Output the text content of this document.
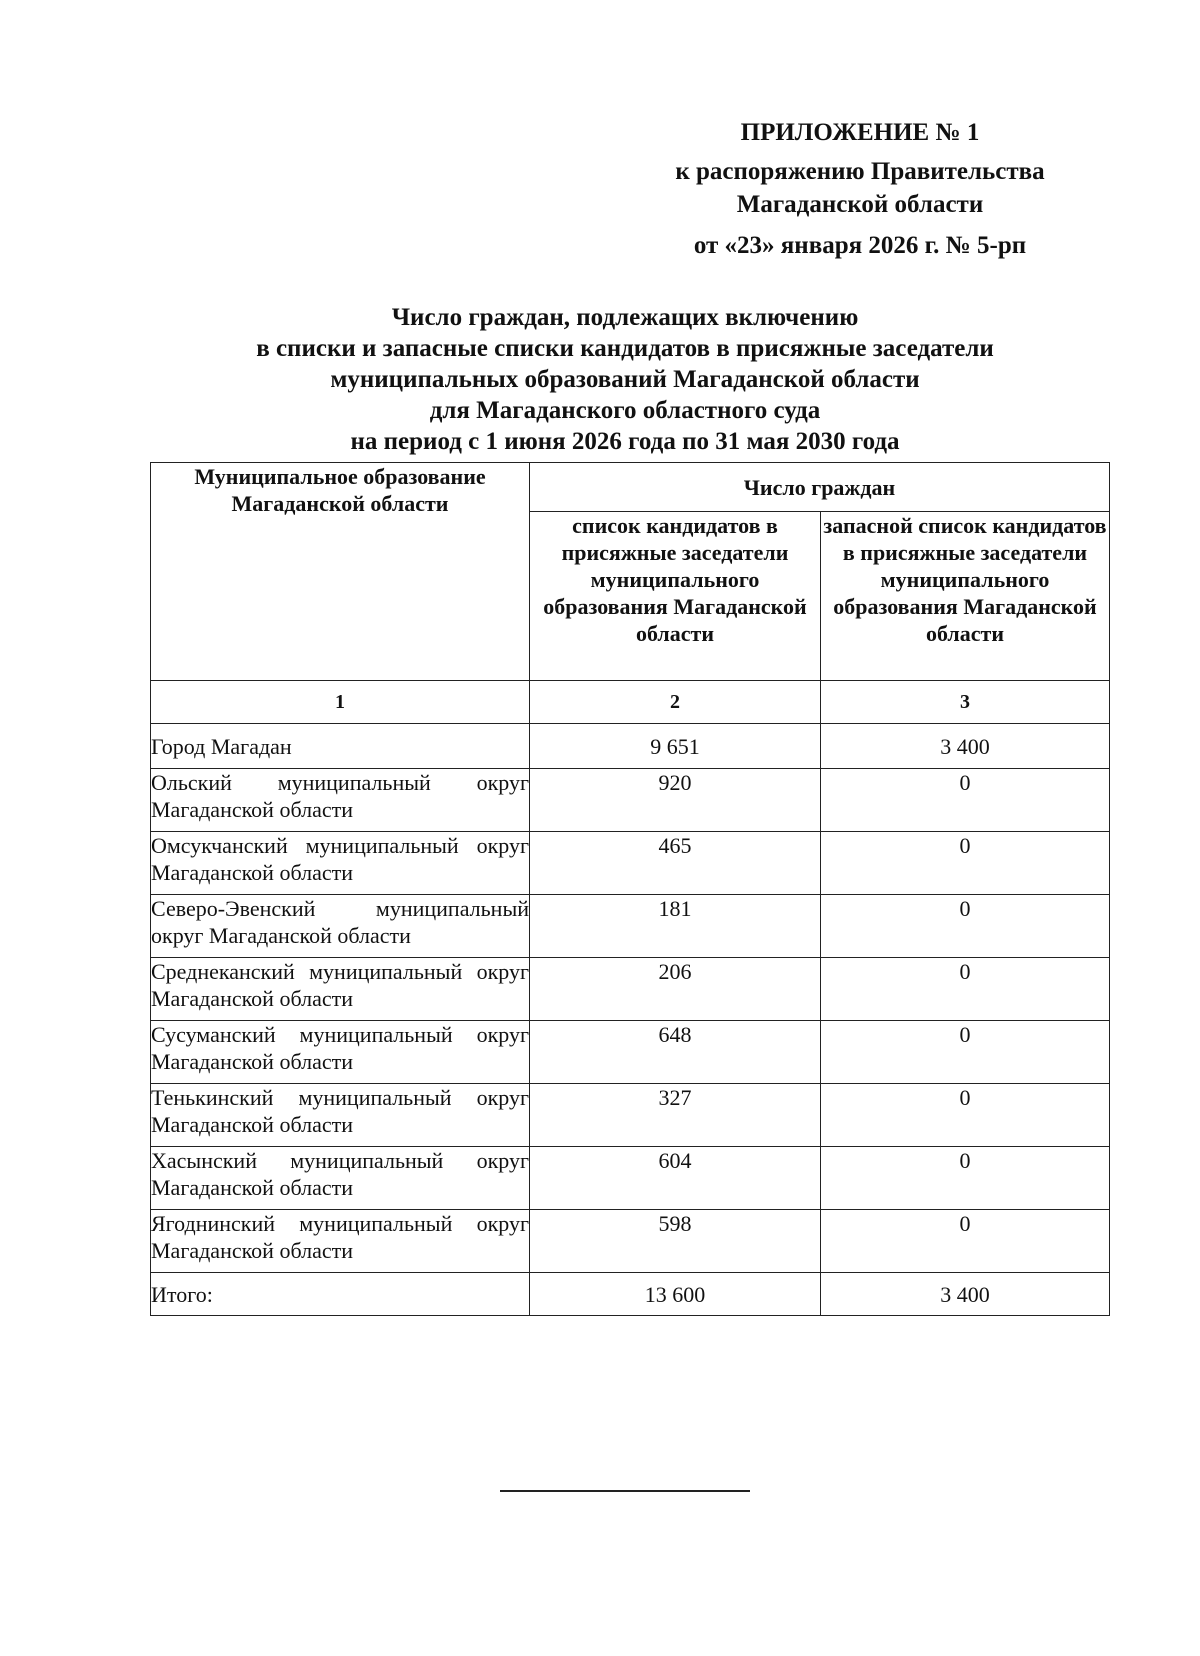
ПРИЛОЖЕНИЕ № 1
к распоряжению Правительства
Магаданской области
от «23» января 2026 г. № 5-рп
Число граждан, подлежащих включению
в списки и запасные списки кандидатов в присяжные заседатели
муниципальных образований Магаданской области
для Магаданского областного суда
на период с 1 июня 2026 года по 31 мая 2030 года
Муниципальное образование Магаданской области	Число граждан	
	список кандидатов в присяжные заседатели муниципального образования Магаданской области	запасной список кандидатов в присяжные заседатели муниципального образования Магаданской области
1	2	3
Город Магадан	9 651	3 400
Ольский муниципальный округ Магаданской области	920	0
Омсукчанский муниципальный округ Магаданской области	465	0
Северо-Эвенский муниципальный округ Магаданской области	181	0
Среднеканский муниципальный округ Магаданской области	206	0
Сусуманский муниципальный округ Магаданской области	648	0
Тенькинский муниципальный округ Магаданской области	327	0
Хасынский муниципальный округ Магаданской области	604	0
Ягоднинский муниципальный округ Магаданской области	598	0
Итого:	13 600	3 400
